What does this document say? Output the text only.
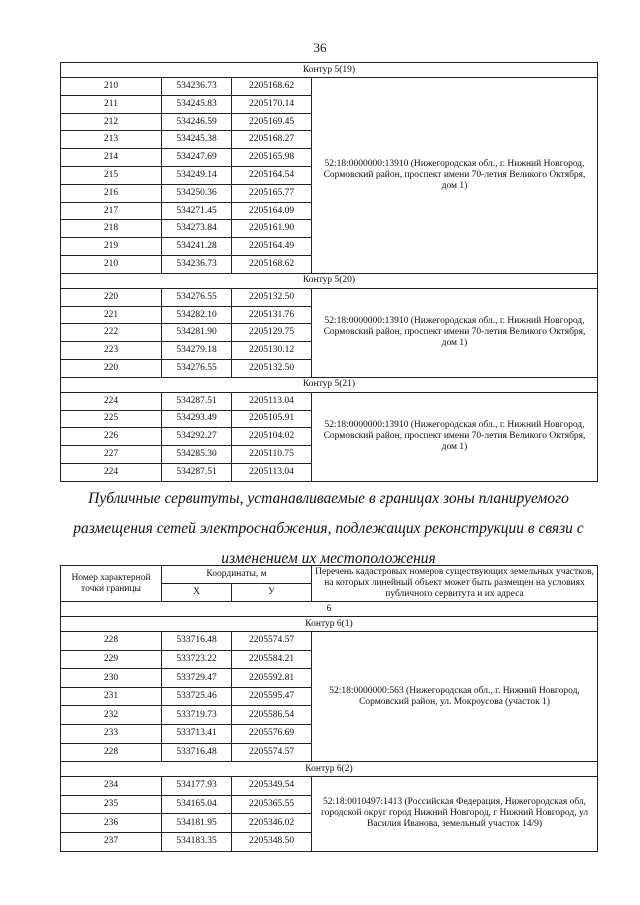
36
Контур 5(19)			
210	534236.73	2205168.62	52:18:0000000:13910 (Нижегородская обл., г. Нижний Новгород, Сормовский район, проспект имени 70-летия Великого Октября, дом 1)
211	534245.83	2205170.14	
212	534246.59	2205169.45	
213	534245.38	2205168.27	
214	534247.69	2205165.98	
215	534249.14	2205164.54	
216	534250.36	2205165.77	
217	534271.45	2205164.09	
218	534273.84	2205161.90	
219	534241.28	2205164.49	
210	534236.73	2205168.62	
Контур 5(20)			
220	534276.55	2205132.50	52:18:0000000:13910 (Нижегородская обл., г. Нижний Новгород, Сормовский район, проспект имени 70-летия Великого Октября, дом 1)
221	534282.10	2205131.76	
222	534281.90	2205129.75	
223	534279.18	2205130.12	
220	534276.55	2205132.50	
Контур 5(21)			
224	534287.51	2205113.04	52:18:0000000:13910 (Нижегородская обл., г. Нижний Новгород, Сормовский район, проспект имени 70-летия Великого Октября, дом 1)
225	534293.49	2205105.91	
226	534292.27	2205104.02	
227	534285.30	2205110.75	
224	534287.51	2205113.04	
Публичные сервитуты, устанавливаемые в границах зоны планируемого
размещения сетей электроснабжения, подлежащих реконструкции в связи с
изменением их местоположения
Номер характерной точки границы	Координаты, м		Перечень кадастровых номеров существующих земельных участков, на которых линейный объект может быть размещен на условиях публичного сервитута и их адреса
	X	У	
6			
Контур 6(1)			
228	533716.48	2205574.57	52:18:0000000:563 (Нижегородская обл., г. Нижний Новгород, Сормовский район, ул. Мокроусова (участок 1)
229	533723.22	2205584.21	
230	533729.47	2205592.81	
231	533725.46	2205595.47	
232	533719.73	2205586.54	
233	533713.41	2205576.69	
228	533716.48	2205574.57	
Контур 6(2)			
234	534177.93	2205349.54	52:18:0010497:1413 (Российская Федерация, Нижегородская обл, городской округ город Нижний Новгород, г Нижний Новгород, ул Василия Иванова, земельный участок 14/9)
235	534165.04	2205365.55	
236	534181.95	2205346.02	
237	534183.35	2205348.50	
